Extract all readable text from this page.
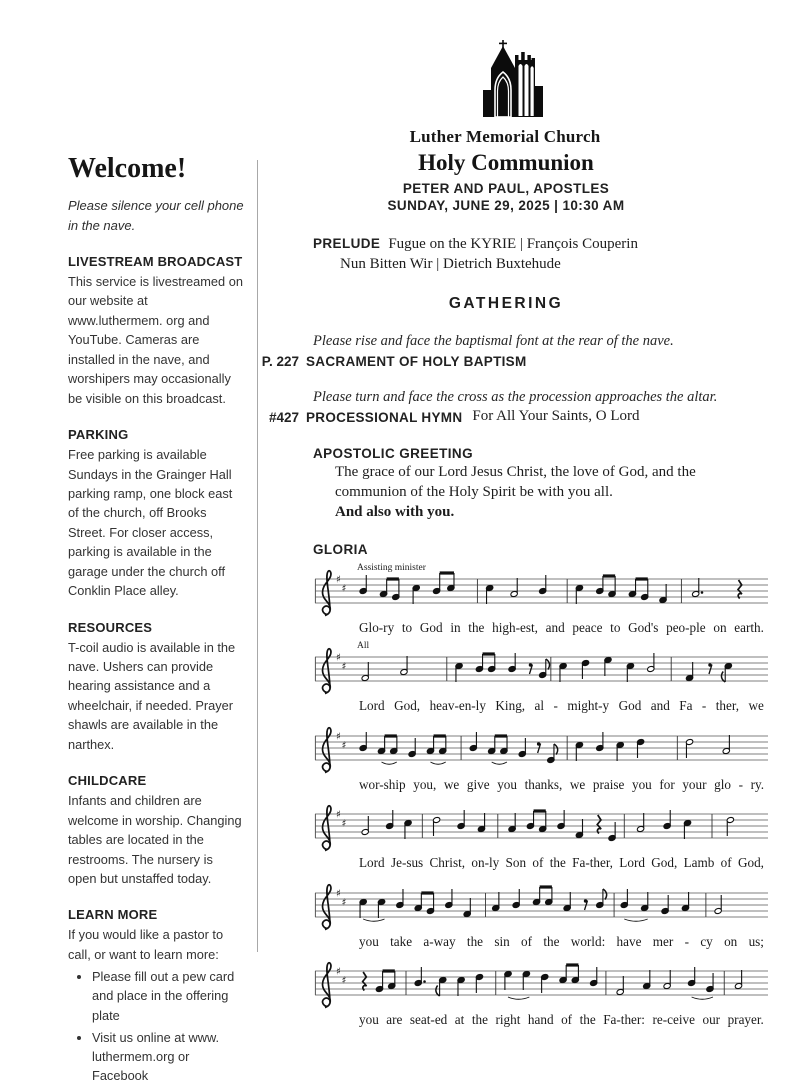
Luther Memorial Church
Welcome!
Please silence your cell phone in the nave.
LIVESTREAM BROADCAST
This service is livestreamed on our website at www.luthermem. org and YouTube. Cameras are installed in the nave, and worshipers may occasionally be visible on this broadcast.
PARKING
Free parking is available Sundays in the Grainger Hall parking ramp, one block east of the church, off Brooks Street. For closer access, parking is available in the garage under the church off Conklin Place alley.
RESOURCES
T-coil audio is available in the nave. Ushers can provide hearing assistance and a wheelchair, if needed. Prayer shawls are available in the narthex.
CHILDCARE
Infants and children are welcome in worship. Changing tables are located in the restrooms. The nursery is open but unstaffed today.
LEARN MORE
If you would like a pastor to call, or want to learn more:
• Please fill out a pew card and place in the offering plate
• Visit us online at www. luthermem.org or Facebook
Holy Communion
PETER AND PAUL, APOSTLES
SUNDAY, JUNE 29, 2025 | 10:30 AM
PRELUDE Fugue on the KYRIE | François Couperin
Nun Bitten Wir | Dietrich Buxtehude
GATHERING
Please rise and face the baptismal font at the rear of the nave.
P. 227 SACRAMENT OF HOLY BAPTISM
Please turn and face the cross as the procession approaches the altar.
#427 PROCESSIONAL HYMN For All Your Saints, O Lord
APOSTOLIC GREETING
The grace of our Lord Jesus Christ, the love of God, and the
communion of the Holy Spirit be with you all.
And also with you.
GLORIA
♯
♯
Assisting minister
Glo-ry to God in the high-est, and peace to God's peo-ple on earth.
♯
♯
All
Lord God, heav-en-ly King, al - might-y God and Fa - ther, we
♯
♯
wor-ship you, we give you thanks, we praise you for your glo - ry.
♯
♯
Lord Je-sus Christ, on-ly Son of the Fa-ther, Lord God, Lamb of God,
♯
♯
you take a-way the sin of the world: have mer - cy on us;
♯
♯
you are seat-ed at the right hand of the Fa-ther: re-ceive our prayer.
